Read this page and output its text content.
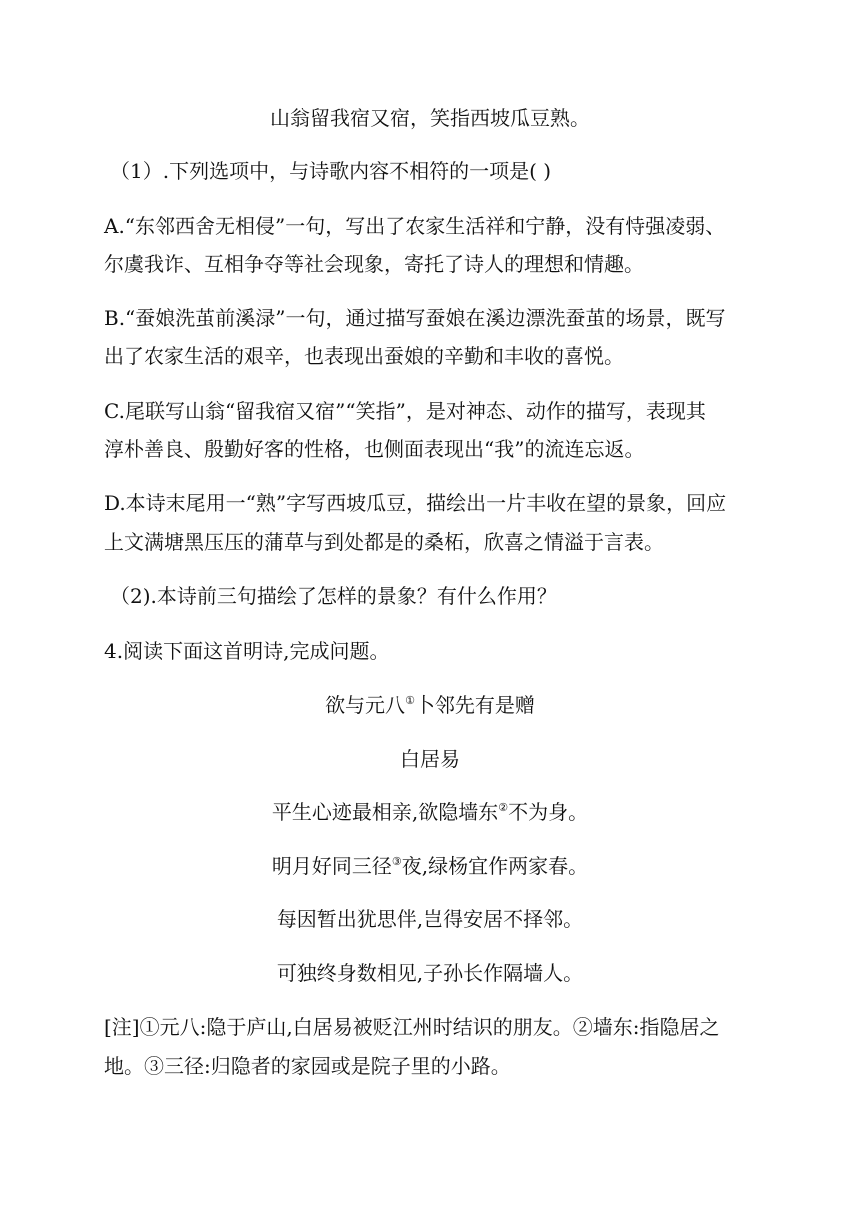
山翁留我宿又宿，笑指西坡瓜豆熟。
（1）.下列选项中，与诗歌内容不相符的一项是( )
A.“东邻西舍无相侵”一句，写出了农家生活祥和宁静，没有恃强凌弱、
尔虞我诈、互相争夺等社会现象，寄托了诗人的理想和情趣。
B.“蚕娘洗茧前溪渌”一句，通过描写蚕娘在溪边漂洗蚕茧的场景，既写
出了农家生活的艰辛，也表现出蚕娘的辛勤和丰收的喜悦。
C.尾联写山翁“留我宿又宿”“笑指”，是对神态、动作的描写，表现其
淳朴善良、殷勤好客的性格，也侧面表现出“我”的流连忘返。
D.本诗末尾用一“熟”字写西坡瓜豆，描绘出一片丰收在望的景象，回应
上文满塘黑压压的蒲草与到处都是的桑柘，欣喜之情溢于言表。
（2).本诗前三句描绘了怎样的景象？有什么作用？
4.阅读下面这首明诗,完成问题。
欲与元八①卜邻先有是赠
白居易
平生心迹最相亲,欲隐墙东②不为身。
明月好同三径③夜,绿杨宜作两家春。
每因暂出犹思伴,岂得安居不择邻。
可独终身数相见,子孙长作隔墙人。
[注]①元八:隐于庐山,白居易被贬江州时结识的朋友。②墙东:指隐居之
地。③三径:归隐者的家园或是院子里的小路。
